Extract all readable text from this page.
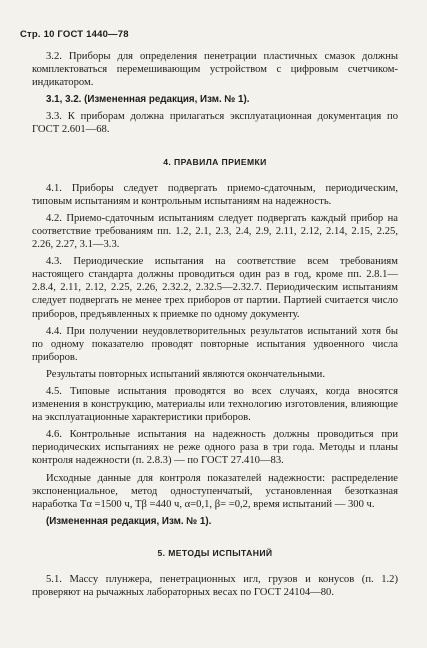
Стр. 10 ГОСТ 1440—78

3.2. Приборы для определения пенетрации пластичных смазок должны комплектоваться перемешивающим устройством с цифровым счетчиком-индикатором.

3.1, 3.2. (Измененная редакция, Изм. № 1).

3.3. К приборам должна прилагаться эксплуатационная документация по ГОСТ 2.601—68.

4. ПРАВИЛА ПРИЕМКИ

4.1. Приборы следует подвергать приемо-сдаточным, периодическим, типовым испытаниям и контрольным испытаниям на надежность.

4.2. Приемо-сдаточным испытаниям следует подвергать каждый прибор на соответствие требованиям пп. 1.2, 2.1, 2.3, 2.4, 2.9, 2.11, 2.12, 2.14, 2.15, 2.25, 2.26, 2.27, 3.1—3.3.

4.3. Периодические испытания на соответствие всем требованиям настоящего стандарта должны проводиться один раз в год, кроме пп. 2.8.1—2.8.4, 2.11, 2.12, 2.25, 2.26, 2.32.2, 2.32.5—2.32.7. Периодическим испытаниям следует подвергать не менее трех приборов от партии. Партией считается число приборов, предъявленных к приемке по одному документу.

4.4. При получении неудовлетворительных результатов испытаний хотя бы по одному показателю проводят повторные испытания удвоенного числа приборов.

Результаты повторных испытаний являются окончательными.

4.5. Типовые испытания проводятся во всех случаях, когда вносятся изменения в конструкцию, материалы или технологию изготовления, влияющие на эксплуатационные характеристики приборов.

4.6. Контрольные испытания на надежность должны проводиться при периодических испытаниях не реже одного раза в три года. Методы и планы контроля надежности (п. 2.8.3) — по ГОСТ 27.410—83.

Исходные данные для контроля показателей надежности: распределение экспоненциальное, метод одноступенчатый, установленная безотказная наработка Tα =1500 ч, Tβ =440 ч, α=0,1, β= =0,2, время испытаний — 300 ч.

(Измененная редакция, Изм. № 1).

5. МЕТОДЫ ИСПЫТАНИЙ

5.1. Массу плунжера, пенетрационных игл, грузов и конусов (п. 1.2) проверяют на рычажных лабораторных весах по ГОСТ 24104—80.
